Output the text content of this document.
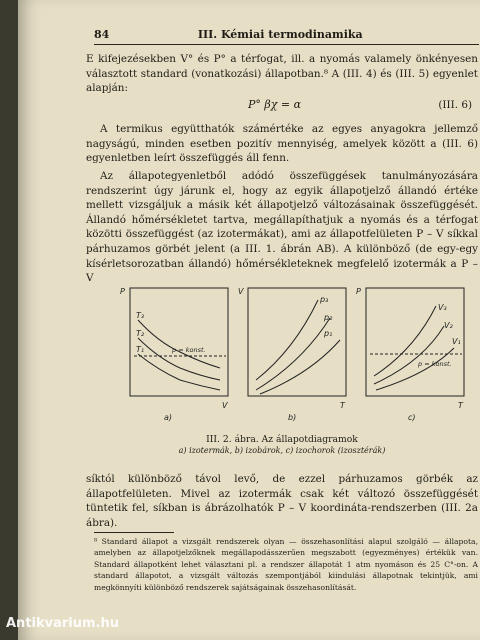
84	III. Kémiai termodinamika
E kifejezésekben V° és P° a térfogat, ill. a nyomás valamely önkényesen választott standard (vonatkozási) állapotban.⁸ A (III. 4) és (III. 5) egyenlet alapján:
P° βχ = α	(III. 6)
A termikus együtthatók számértéke az egyes anyagokra jellemző nagyságú, minden esetben pozitív mennyiség, amelyek között a (III. 6) egyenletben leírt összefüggés áll fenn.
Az állapotegyenletből adódó összefüggések tanulmányozására rendszerint úgy járunk el, hogy az egyik állapotjelző állandó értéke mellett vizsgáljuk a másik két állapotjelző változásainak összefüggését. Állandó hőmérsékletet tartva, megállapíthatjuk a nyomás és a térfogat közötti összefüggést (az izotermákat), ami az állapotfelületen P – V síkkal párhuzamos görbét jelent (a III. 1. ábrán AB). A különböző (de egy-egy kísérletsorozatban állandó) hőmérsékleteknek megfelelő izotermák a P – V
P
V
T₃
T₂
T₁	p = konst.
a)
V
T
p₃
p₂
p₁
b)
P
T
V₃
V₂
V₁
p = konst.
c)
III. 2. ábra. Az állapotdiagramok
a) izotermák, b) izobárok, c) izochorok (izosztérák)
síktól különböző távol levő, de ezzel párhuzamos görbék az állapotfelületen. Mivel az izotermák csak két változó összefüggését tüntetik fel, síkban is ábrázolhatók P – V koordináta-rendszerben (III. 2a ábra).
⁸ Standard állapot a vizsgált rendszerek olyan — összehasonlítási alapul szolgáló — állapota, amelyben az állapotjelzőknek megállapodásszerűen megszabott (egyezményes) értékük van. Standard állapotként lehet választani pl. a rendszer állapotát 1 atm nyomáson és 25 C°-on. A standard állapotot, a vizsgált változás szempontjából kiindulási állapotnak tekintjük, ami megkönnyíti különböző rendszerek sajátságainak összehasonlítását.
Antikvarium.hu
